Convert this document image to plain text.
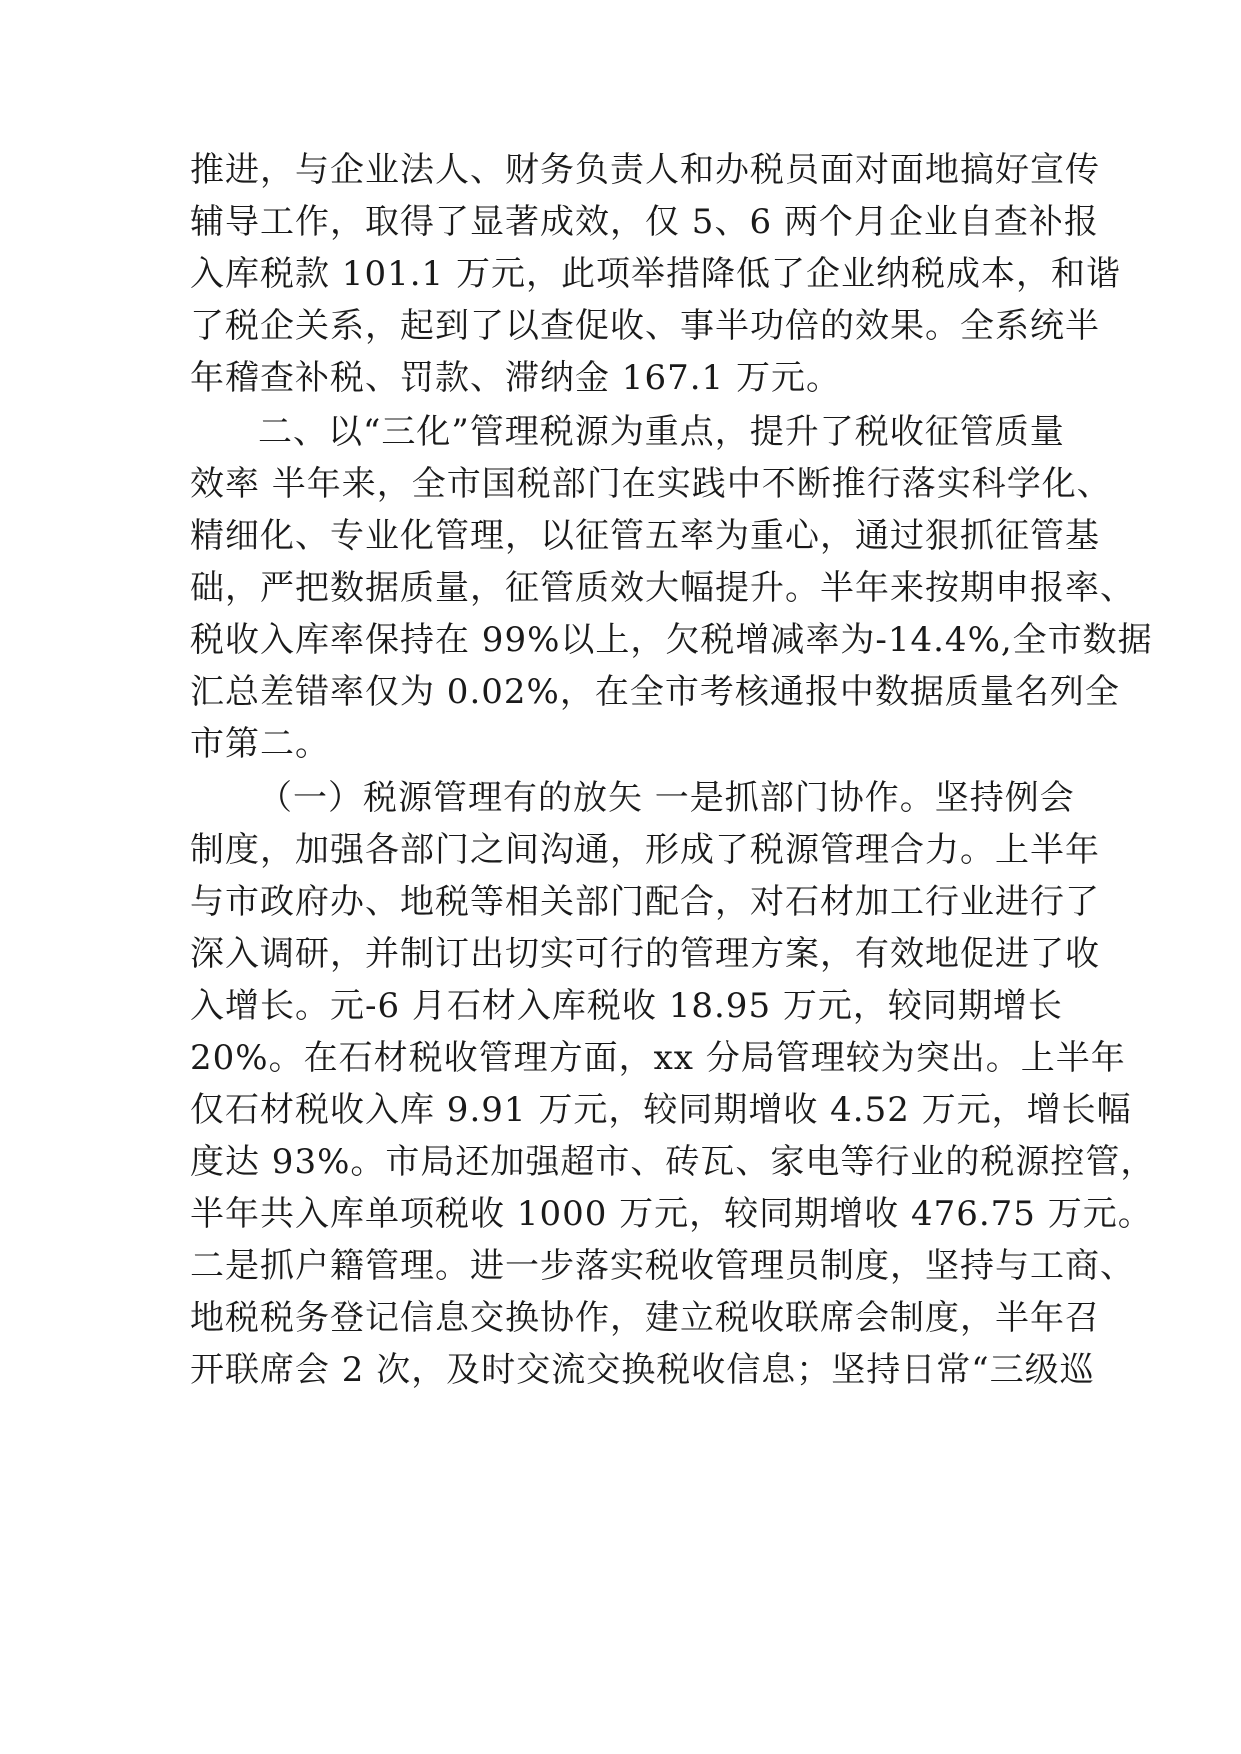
推进，与企业法人、财务负责人和办税员面对面地搞好宣传
辅导工作，取得了显著成效，仅 5、6 两个月企业自查补报
入库税款 101.1 万元，此项举措降低了企业纳税成本，和谐
了税企关系，起到了以查促收、事半功倍的效果。全系统半
年稽查补税、罚款、滞纳金 167.1 万元。
二、以“三化”管理税源为重点，提升了税收征管质量
效率 半年来，全市国税部门在实践中不断推行落实科学化、
精细化、专业化管理，以征管五率为重心，通过狠抓征管基
础，严把数据质量，征管质效大幅提升。半年来按期申报率、
税收入库率保持在 99%以上，欠税增减率为-14.4%,全市数据
汇总差错率仅为 0.02%，在全市考核通报中数据质量名列全
市第二。
（一）税源管理有的放矢 一是抓部门协作。坚持例会
制度，加强各部门之间沟通，形成了税源管理合力。上半年
与市政府办、地税等相关部门配合，对石材加工行业进行了
深入调研，并制订出切实可行的管理方案，有效地促进了收
入增长。元-6 月石材入库税收 18.95 万元，较同期增长
20%。在石材税收管理方面，xx 分局管理较为突出。上半年
仅石材税收入库 9.91 万元，较同期增收 4.52 万元，增长幅
度达 93%。市局还加强超市、砖瓦、家电等行业的税源控管，
半年共入库单项税收 1000 万元，较同期增收 476.75 万元。
二是抓户籍管理。进一步落实税收管理员制度，坚持与工商、
地税税务登记信息交换协作，建立税收联席会制度，半年召
开联席会 2 次，及时交流交换税收信息；坚持日常“三级巡
